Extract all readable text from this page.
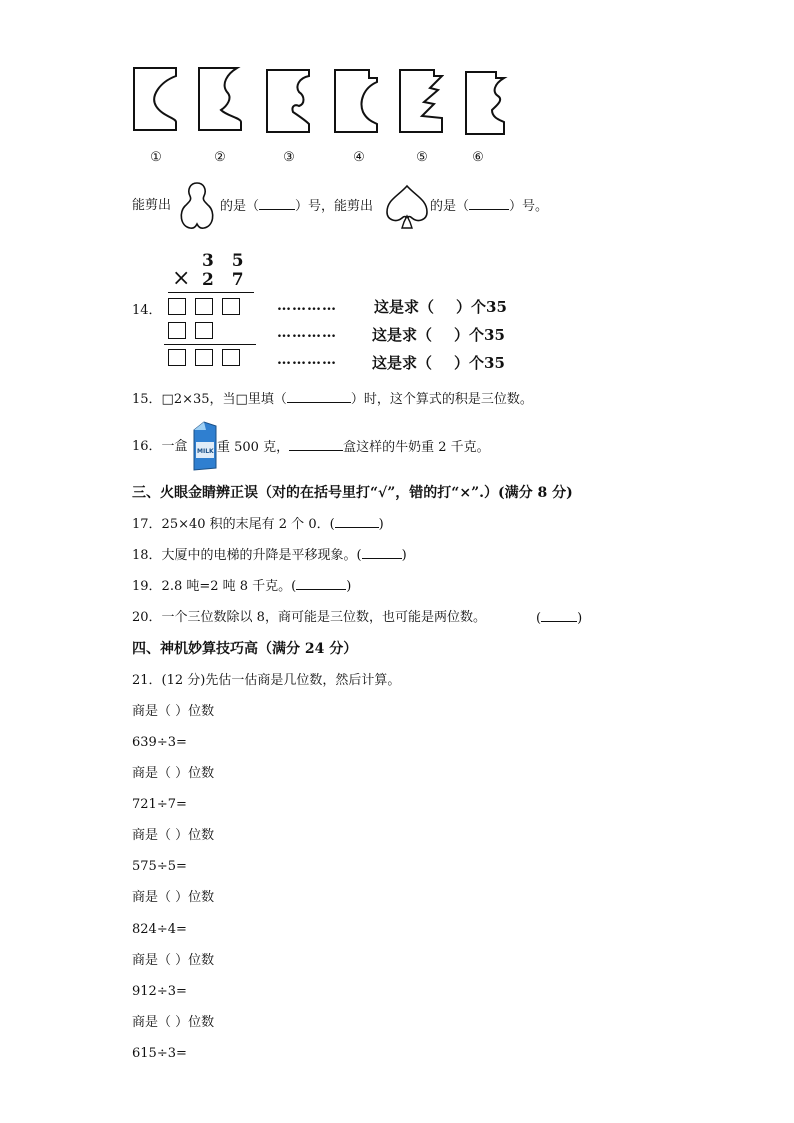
①	②	③	④	⑤	⑥
能剪出	的是（	）号，能剪出	的是（	）号。
3 5
× 2 7
14．	………… 这是求（ ）个35
………… 这是求（ ）个35
………… 这是求（ ）个35
15．□2×35，当□里填（	）时，这个算式的积是三位数。
16．一盒 MILK 重 500 克，	盒这样的牛奶重 2 千克。
三、火眼金睛辨正误（对的在括号里打“√”，错的打“×”.）(满分 8 分)
17．25×40 积的末尾有 2 个 0．(	)
18．大厦中的电梯的升降是平移现象。(	)
19．2.8 吨=2 吨 8 千克。(	)
20．一个三位数除以 8，商可能是三位数，也可能是两位数。	(	)
四、神机妙算技巧高（满分 24 分）
21．(12 分)先估一估商是几位数，然后计算。
商是（ ）位数
639÷3=
商是（ ）位数
721÷7=
商是（ ）位数
575÷5=
商是（ ）位数
824÷4=
商是（ ）位数
912÷3=
商是（ ）位数
615÷3=
